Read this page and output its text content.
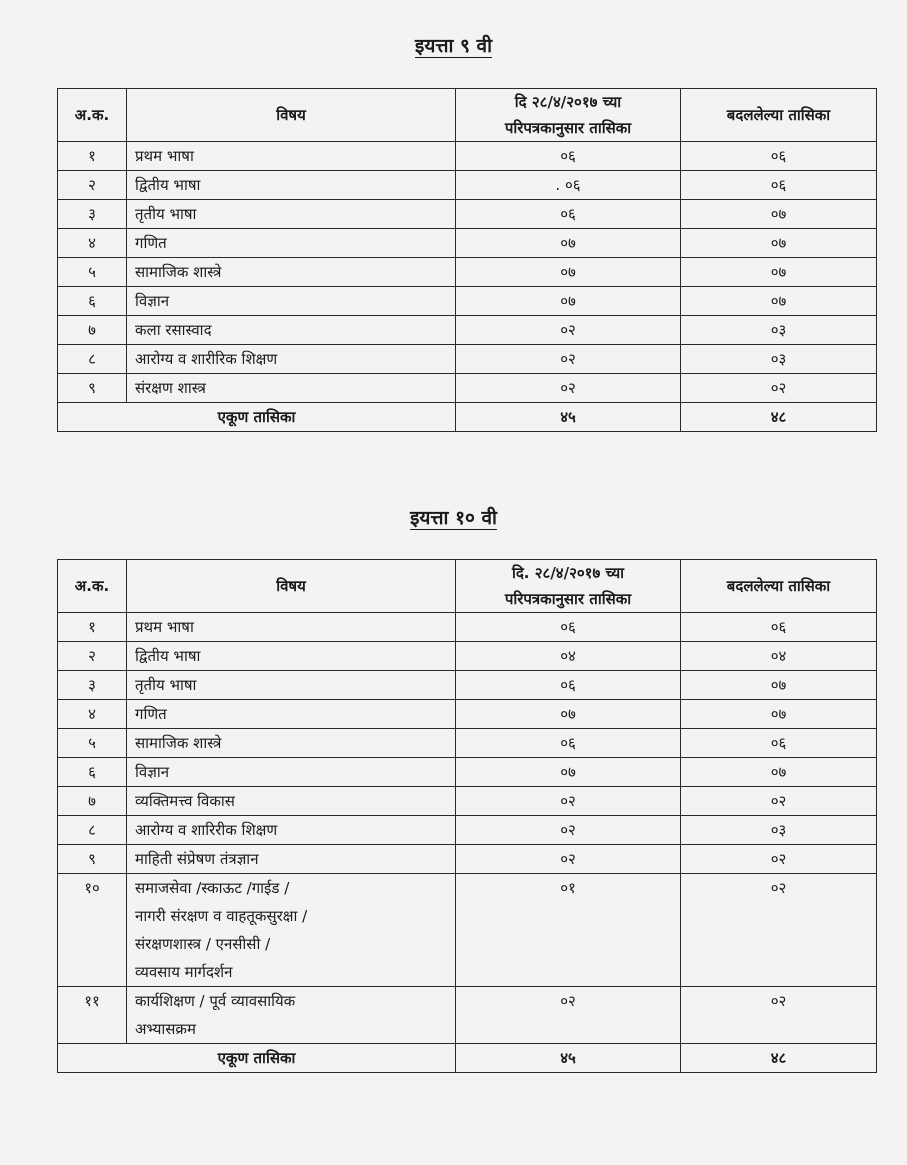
इयत्ता ९ वी
अ.क.	विषय	दि २८/४/२०१७ च्या
परिपत्रकानुसार तासिका	बदललेल्या तासिका
१	प्रथम भाषा	०६	०६
२	द्वितीय भाषा	. ०६	०६
३	तृतीय भाषा	०६	०७
४	गणित	०७	०७
५	सामाजिक शास्त्रे	०७	०७
६	विज्ञान	०७	०७
७	कला रसास्वाद	०२	०३
८	आरोग्य व शारीरिक शिक्षण	०२	०३
९	संरक्षण शास्त्र	०२	०२
एकूण तासिका		४५	४८
इयत्ता १० वी
अ.क.	विषय	दि. २८/४/२०१७ च्या
परिपत्रकानुसार तासिका	बदललेल्या तासिका
१	प्रथम भाषा	०६	०६
२	द्वितीय भाषा	०४	०४
३	तृतीय भाषा	०६	०७
४	गणित	०७	०७
५	सामाजिक शास्त्रे	०६	०६
६	विज्ञान	०७	०७
७	व्यक्तिमत्त्व विकास	०२	०२
८	आरोग्य व शारिरीक शिक्षण	०२	०३
९	माहिती संप्रेषण तंत्रज्ञान	०२	०२
१०	समाजसेवा /स्काऊट /गाईड /
नागरी संरक्षण व वाहतूकसुरक्षा /
संरक्षणशास्त्र / एनसीसी /
व्यवसाय मार्गदर्शन	०१	०२
११	कार्यशिक्षण / पूर्व व्यावसायिक
अभ्यासक्रम	०२	०२
एकूण तासिका		४५	४८
